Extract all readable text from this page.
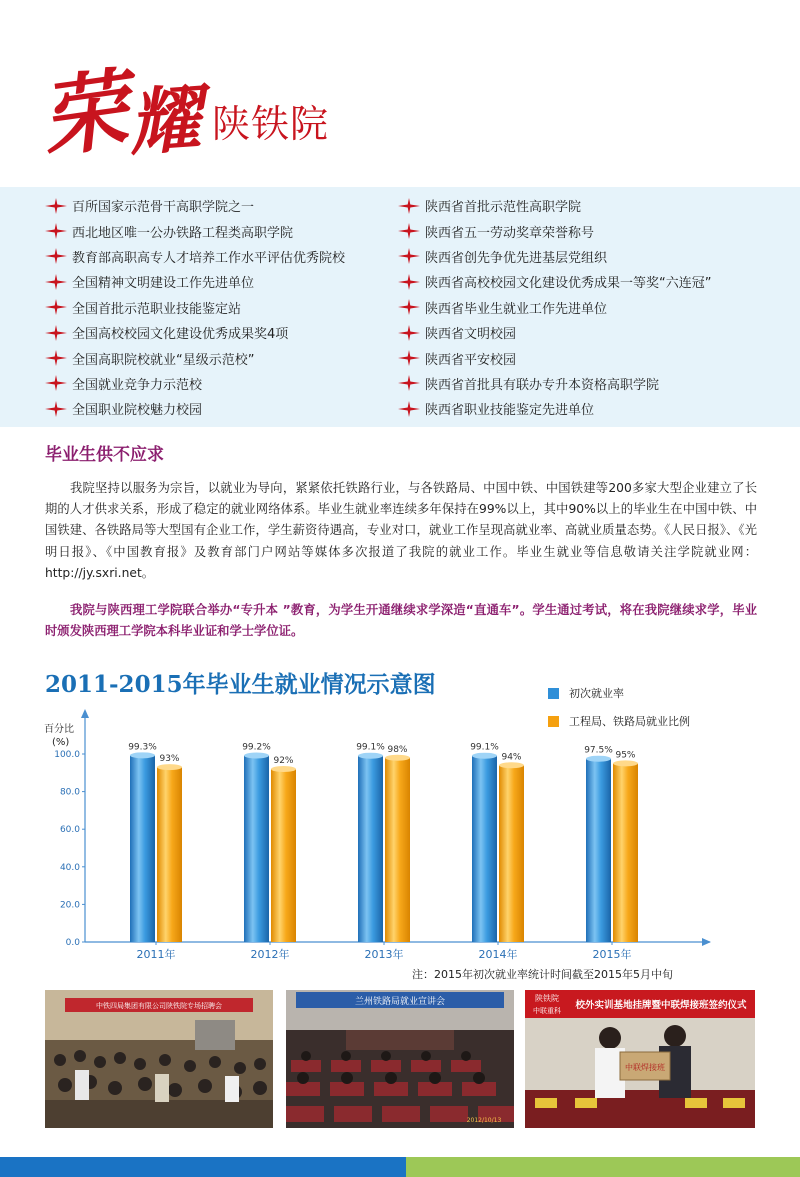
荣
耀 陕铁院
百所国家示范骨干高职学院之一
西北地区唯一公办铁路工程类高职学院
教育部高职高专人才培养工作水平评估优秀院校
全国精神文明建设工作先进单位
全国首批示范职业技能鉴定站
全国高校校园文化建设优秀成果奖4项
全国高职院校就业“星级示范校”
全国就业竞争力示范校
全国职业院校魅力校园
陕西省首批示范性高职学院
陕西省五一劳动奖章荣誉称号
陕西省创先争优先进基层党组织
陕西省高校校园文化建设优秀成果一等奖“六连冠”
陕西省毕业生就业工作先进单位
陕西省文明校园
陕西省平安校园
陕西省首批具有联办专升本资格高职学院
陕西省职业技能鉴定先进单位
毕业生供不应求
我院坚持以服务为宗旨，以就业为导向，紧紧依托铁路行业，与各铁路局、中国中铁、中国铁建等200多家大型企业建立了长期的人才供求关系，形成了稳定的就业网络体系。毕业生就业率连续多年保持在99%以上，其中90%以上的毕业生在中国中铁、中国铁建、各铁路局等大型国有企业工作，学生薪资待遇高，专业对口，就业工作呈现高就业率、高就业质量态势。《人民日报》、《光明日报》、《中国教育报》及教育部门户网站等媒体多次报道了我院的就业工作。毕业生就业等信息敬请关注学院就业网：http://jy.sxri.net。
我院与陕西理工学院联合举办“专升本 ”教育，为学生开通继续求学深造“直通车”。学生通过考试，将在我院继续求学，毕业时颁发陕西理工学院本科毕业证和学士学位证。
2011-2015年毕业生就业情况示意图	初次就业率
工程局、铁路局就业比例
百分比
(%)
0.0
20.0
40.0
60.0
80.0
100.0
99.3%
93%
2011年
99.2%
92%
2012年
99.1% 98%
2013年
99.1%
94%
2014年
97.5% 95%
2015年
注：2015年初次就业率统计时间截至2015年5月中旬
中铁四局集团有限公司陕铁院专场招聘会	兰州铁路局就业宣讲会
2012/10/13
陕铁院
中联重科 校外实训基地挂牌暨中联焊接班签约仪式
中联焊接班
